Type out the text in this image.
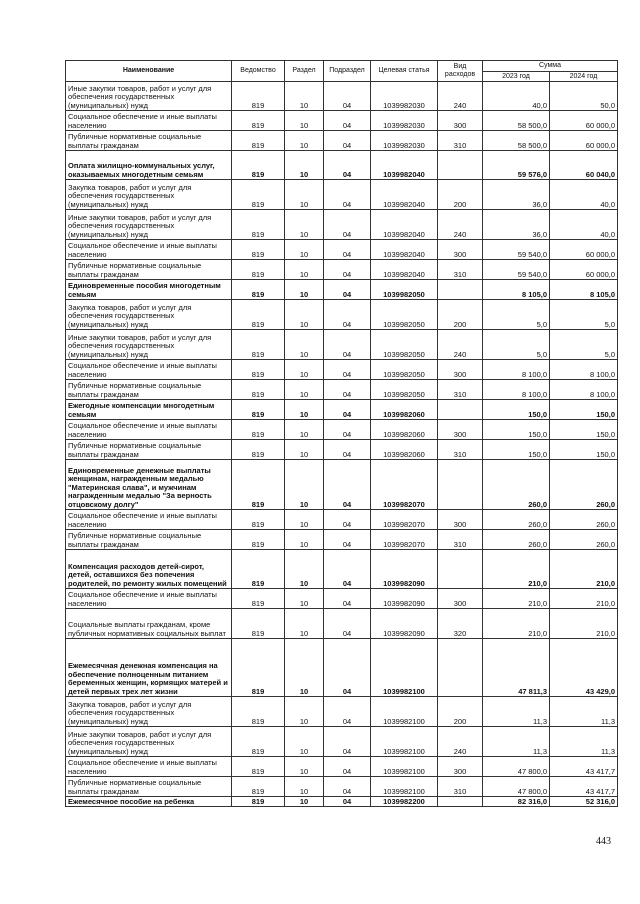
Наименование	Ведомство	Раздел	Подраздел	Целевая статья	Вид расходов	Сумма	
						2023 год	2024 год
Иные закупки товаров, работ и услуг для обеспечения государственных (муниципальных) нужд	819	10	04	1039982030	240	40,0	50,0
Социальное обеспечение и иные выплаты населению	819	10	04	1039982030	300	58 500,0	60 000,0
Публичные нормативные социальные выплаты гражданам	819	10	04	1039982030	310	58 500,0	60 000,0
Оплата жилищно-коммунальных услуг, оказываемых многодетным семьям	819	10	04	1039982040		59 576,0	60 040,0
Закупка товаров, работ и услуг для обеспечения государственных (муниципальных) нужд	819	10	04	1039982040	200	36,0	40,0
Иные закупки товаров, работ и услуг для обеспечения государственных (муниципальных) нужд	819	10	04	1039982040	240	36,0	40,0
Социальное обеспечение и иные выплаты населению	819	10	04	1039982040	300	59 540,0	60 000,0
Публичные нормативные социальные выплаты гражданам	819	10	04	1039982040	310	59 540,0	60 000,0
Единовременные пособия многодетным семьям	819	10	04	1039982050		8 105,0	8 105,0
Закупка товаров, работ и услуг для обеспечения государственных (муниципальных) нужд	819	10	04	1039982050	200	5,0	5,0
Иные закупки товаров, работ и услуг для обеспечения государственных (муниципальных) нужд	819	10	04	1039982050	240	5,0	5,0
Социальное обеспечение и иные выплаты населению	819	10	04	1039982050	300	8 100,0	8 100,0
Публичные нормативные социальные выплаты гражданам	819	10	04	1039982050	310	8 100,0	8 100,0
Ежегодные компенсации многодетным семьям	819	10	04	1039982060		150,0	150,0
Социальное обеспечение и иные выплаты населению	819	10	04	1039982060	300	150,0	150,0
Публичные нормативные социальные выплаты гражданам	819	10	04	1039982060	310	150,0	150,0
Единовременные денежные выплаты женщинам, награжденным медалью "Материнская слава", и мужчинам награжденным медалью "За верность отцовскому долгу"	819	10	04	1039982070		260,0	260,0
Социальное обеспечение и иные выплаты населению	819	10	04	1039982070	300	260,0	260,0
Публичные нормативные социальные выплаты гражданам	819	10	04	1039982070	310	260,0	260,0
Компенсация расходов детей-сирот, детей, оставшихся без попечения родителей, по ремонту жилых помещений	819	10	04	1039982090		210,0	210,0
Социальное обеспечение и иные выплаты населению	819	10	04	1039982090	300	210,0	210,0
Социальные выплаты гражданам, кроме публичных нормативных социальных выплат	819	10	04	1039982090	320	210,0	210,0
Ежемесячная денежная компенсация на обеспечение полноценным питанием беременных женщин, кормящих матерей и детей первых трех лет жизни	819	10	04	1039982100		47 811,3	43 429,0
Закупка товаров, работ и услуг для обеспечения государственных (муниципальных) нужд	819	10	04	1039982100	200	11,3	11,3
Иные закупки товаров, работ и услуг для обеспечения государственных (муниципальных) нужд	819	10	04	1039982100	240	11,3	11,3
Социальное обеспечение и иные выплаты населению	819	10	04	1039982100	300	47 800,0	43 417,7
Публичные нормативные социальные выплаты гражданам	819	10	04	1039982100	310	47 800,0	43 417,7
Ежемесячное пособие на ребенка	819	10	04	1039982200		82 316,0	52 316,0
443
